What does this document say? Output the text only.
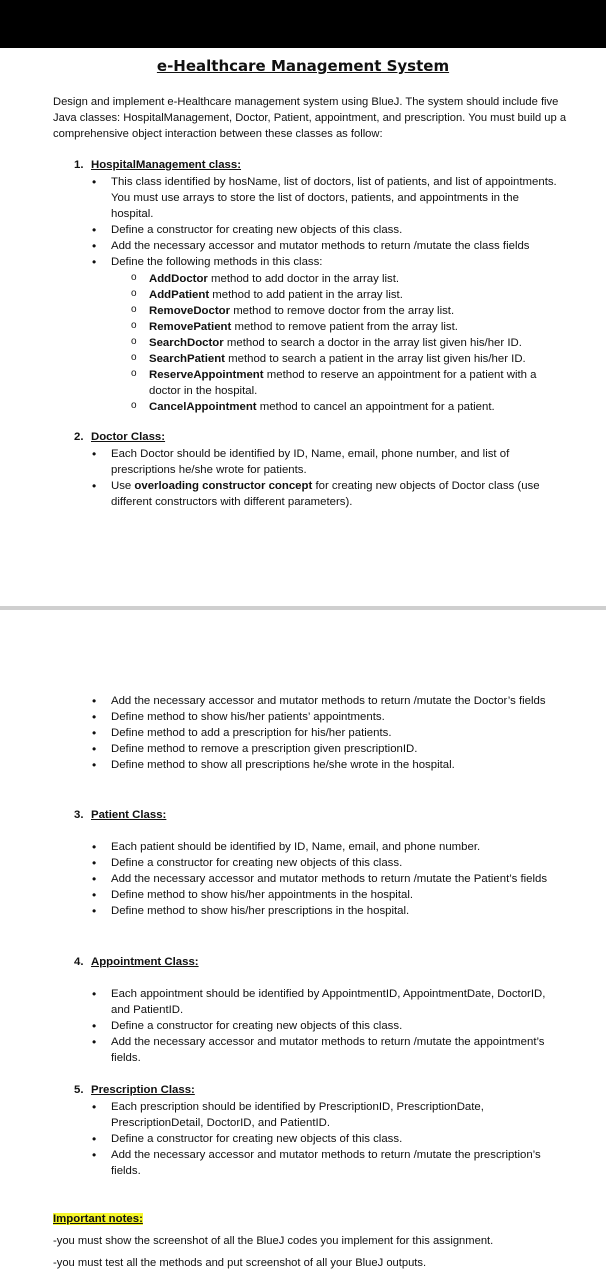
e-Healthcare Management System
Design and implement e-Healthcare management system using BlueJ. The system should include five Java classes: HospitalManagement, Doctor, Patient, appointment, and prescription. You must build up a comprehensive object interaction between these classes as follow:
1. HospitalManagement class:
• This class identified by hosName, list of doctors, list of patients, and list of appointments. You must use arrays to store the list of doctors, patients, and appointments in the hospital.
• Define a constructor for creating new objects of this class.
• Add the necessary accessor and mutator methods to return /mutate the class fields
• Define the following methods in this class:
o AddDoctor method to add doctor in the array list.
o AddPatient method to add patient in the array list.
o RemoveDoctor method to remove doctor from the array list.
o RemovePatient method to remove patient from the array list.
o SearchDoctor method to search a doctor in the array list given his/her ID.
o SearchPatient method to search a patient in the array list given his/her ID.
o ReserveAppointment method to reserve an appointment for a patient with a doctor in the hospital.
o CancelAppointment method to cancel an appointment for a patient.
2. Doctor Class:
• Each Doctor should be identified by ID, Name, email, phone number, and list of prescriptions he/she wrote for patients.
• Use overloading constructor concept for creating new objects of Doctor class (use different constructors with different parameters).
• Add the necessary accessor and mutator methods to return /mutate the Doctor’s fields
• Define method to show his/her patients’ appointments.
• Define method to add a prescription for his/her patients.
• Define method to remove a prescription given prescriptionID.
• Define method to show all prescriptions he/she wrote in the hospital.
3. Patient Class:
• Each patient should be identified by ID, Name, email, and phone number.
• Define a constructor for creating new objects of this class.
• Add the necessary accessor and mutator methods to return /mutate the Patient’s fields
• Define method to show his/her appointments in the hospital.
• Define method to show his/her prescriptions in the hospital.
4. Appointment Class:
• Each appointment should be identified by AppointmentID, AppointmentDate, DoctorID, and PatientID.
• Define a constructor for creating new objects of this class.
• Add the necessary accessor and mutator methods to return /mutate the appointment’s fields.
5. Prescription Class:
• Each prescription should be identified by PrescriptionID, PrescriptionDate, PrescriptionDetail, DoctorID, and PatientID.
• Define a constructor for creating new objects of this class.
• Add the necessary accessor and mutator methods to return /mutate the prescription’s fields.
Important notes:
-you must show the screenshot of all the BlueJ codes you implement for this assignment.
-you must test all the methods and put screenshot of all your BlueJ outputs.
